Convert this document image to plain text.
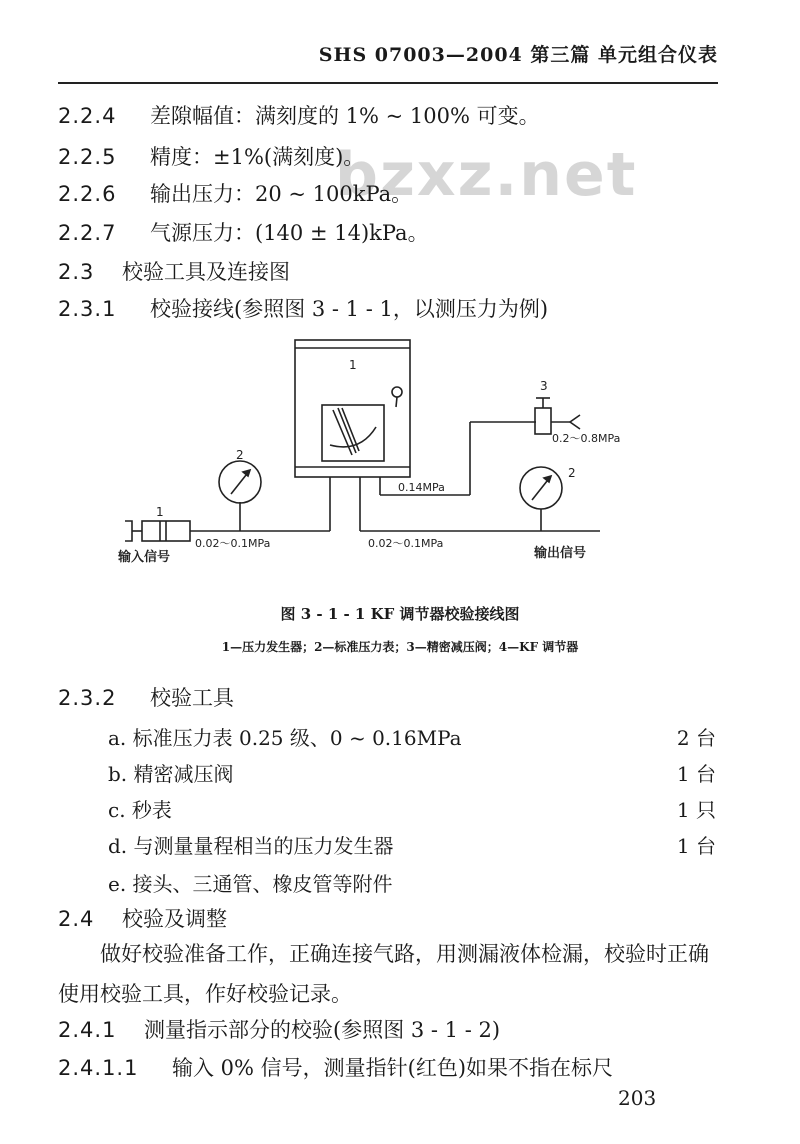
SHS 07003—2004 第三篇 单元组合仪表
bzxz.net
2.2.4 差隙幅值：满刻度的 1% ~ 100% 可变。
2.2.5 精度：±1%(满刻度)。
2.2.6 输出压力：20 ~ 100kPa。
2.2.7 气源压力：(140 ± 14)kPa。
2.3 校验工具及连接图
2.3.1 校验接线(参照图 3 - 1 - 1，以测压力为例)
1
2
2
3
0.2～0.8MPa
1
0.02～0.1MPa	0.02～0.1MPa
0.14MPa
输入信号	输出信号
图 3 - 1 - 1 KF 调节器校验接线图
1—压力发生器；2—标准压力表；3—精密减压阀；4—KF 调节器
2.3.2 校验工具
a. 标准压力表 0.25 级、0 ~ 0.16MPa	2 台
b. 精密减压阀	1 台
c. 秒表	1 只
d. 与测量量程相当的压力发生器	1 台
e. 接头、三通管、橡皮管等附件
2.4 校验及调整
做好校验准备工作，正确连接气路，用测漏液体检漏，校验时正确使用校验工具，作好校验记录。
2.4.1 测量指示部分的校验(参照图 3 - 1 - 2)
2.4.1.1 输入 0% 信号，测量指针(红色)如果不指在标尺
203
